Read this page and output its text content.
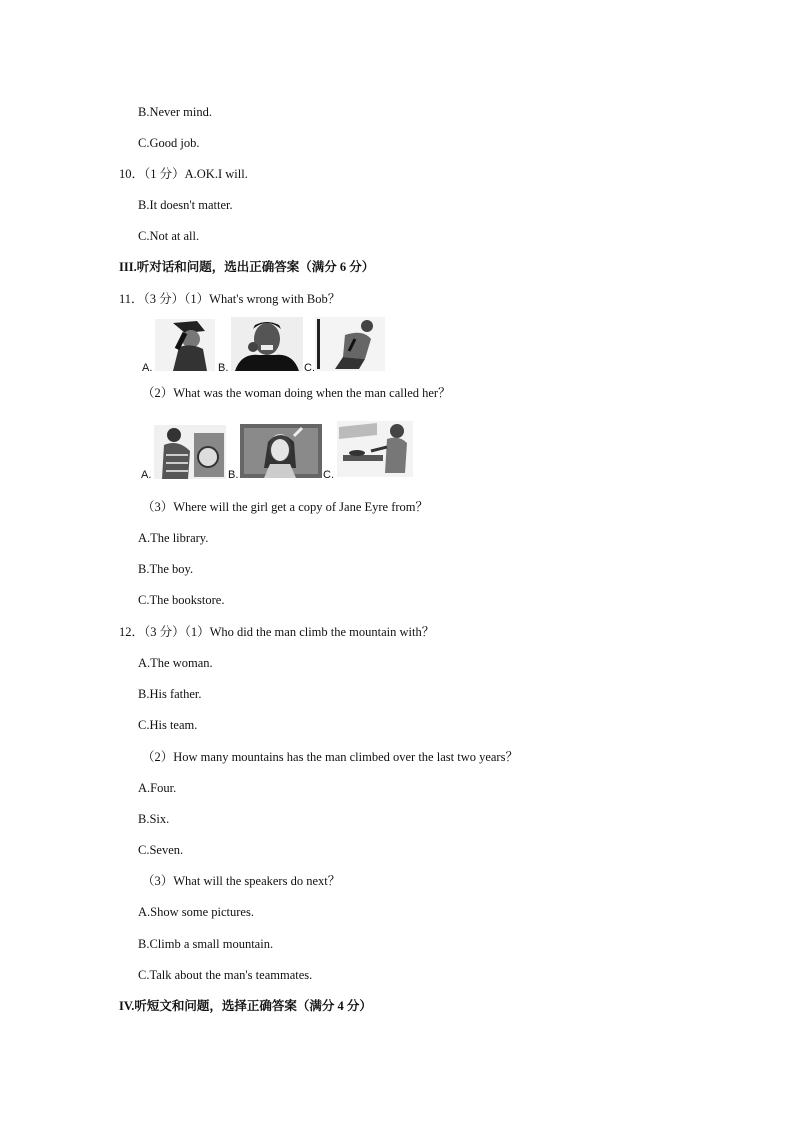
B.Never mind.
C.Good job.
10．（1 分）A.OK.I will.
B.It doesn't matter.
C.Not at all.
III.听对话和问题，选出正确答案（满分 6 分）
11．（3 分）（1）What's wrong with Bob？
A.	B.	C.
（2）What was the woman doing when the man called her？
A.	B.	C.
（3）Where will the girl get a copy of Jane Eyre from？
A.The library.
B.The boy.
C.The bookstore.
12．（3 分）（1）Who did the man climb the mountain with？
A.The woman.
B.His father.
C.His team.
（2）How many mountains has the man climbed over the last two years？
A.Four.
B.Six.
C.Seven.
（3）What will the speakers do next？
A.Show some pictures.
B.Climb a small mountain.
C.Talk about the man's teammates.
IV.听短文和问题，选择正确答案（满分 4 分）
